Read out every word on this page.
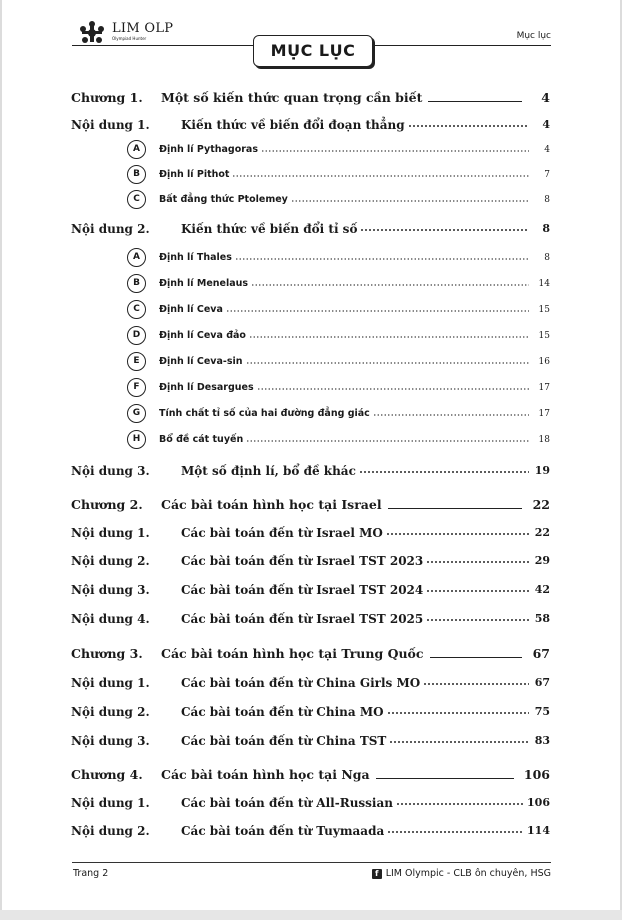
LIM OLP
Olympiad Hunter	Mục lục
MỤC LỤC
Chương 1.	Một số kiến thức quan trọng cần biết	4
Nội dung 1.	Kiến thức về biến đổi đoạn thẳng	4
A	Định lí Pythagoras	4
B	Định lí Pithot	7
C	Bất đẳng thức Ptolemey	8
Nội dung 2.	Kiến thức về biến đổi tỉ số	8
A	Định lí Thales	8
B	Định lí Menelaus	14
C	Định lí Ceva	15
D	Định lí Ceva đảo	15
E	Định lí Ceva-sin	16
F	Định lí Desargues	17
G	Tính chất tỉ số của hai đường đẳng giác	17
H	Bổ đề cát tuyến	18
Nội dung 3.	Một số định lí, bổ đề khác	19
Chương 2.	Các bài toán hình học tại Israel	22
Nội dung 1.	Các bài toán đến từ Israel MO	22
Nội dung 2.	Các bài toán đến từ Israel TST 2023	29
Nội dung 3.	Các bài toán đến từ Israel TST 2024	42
Nội dung 4.	Các bài toán đến từ Israel TST 2025	58
Chương 3.	Các bài toán hình học tại Trung Quốc	67
Nội dung 1.	Các bài toán đến từ China Girls MO	67
Nội dung 2.	Các bài toán đến từ China MO	75
Nội dung 3.	Các bài toán đến từ China TST	83
Chương 4.	Các bài toán hình học tại Nga	106
Nội dung 1.	Các bài toán đến từ All-Russian	106
Nội dung 2.	Các bài toán đến từ Tuymaada	114
Trang 2	f LIM Olympic - CLB ôn chuyên, HSG
